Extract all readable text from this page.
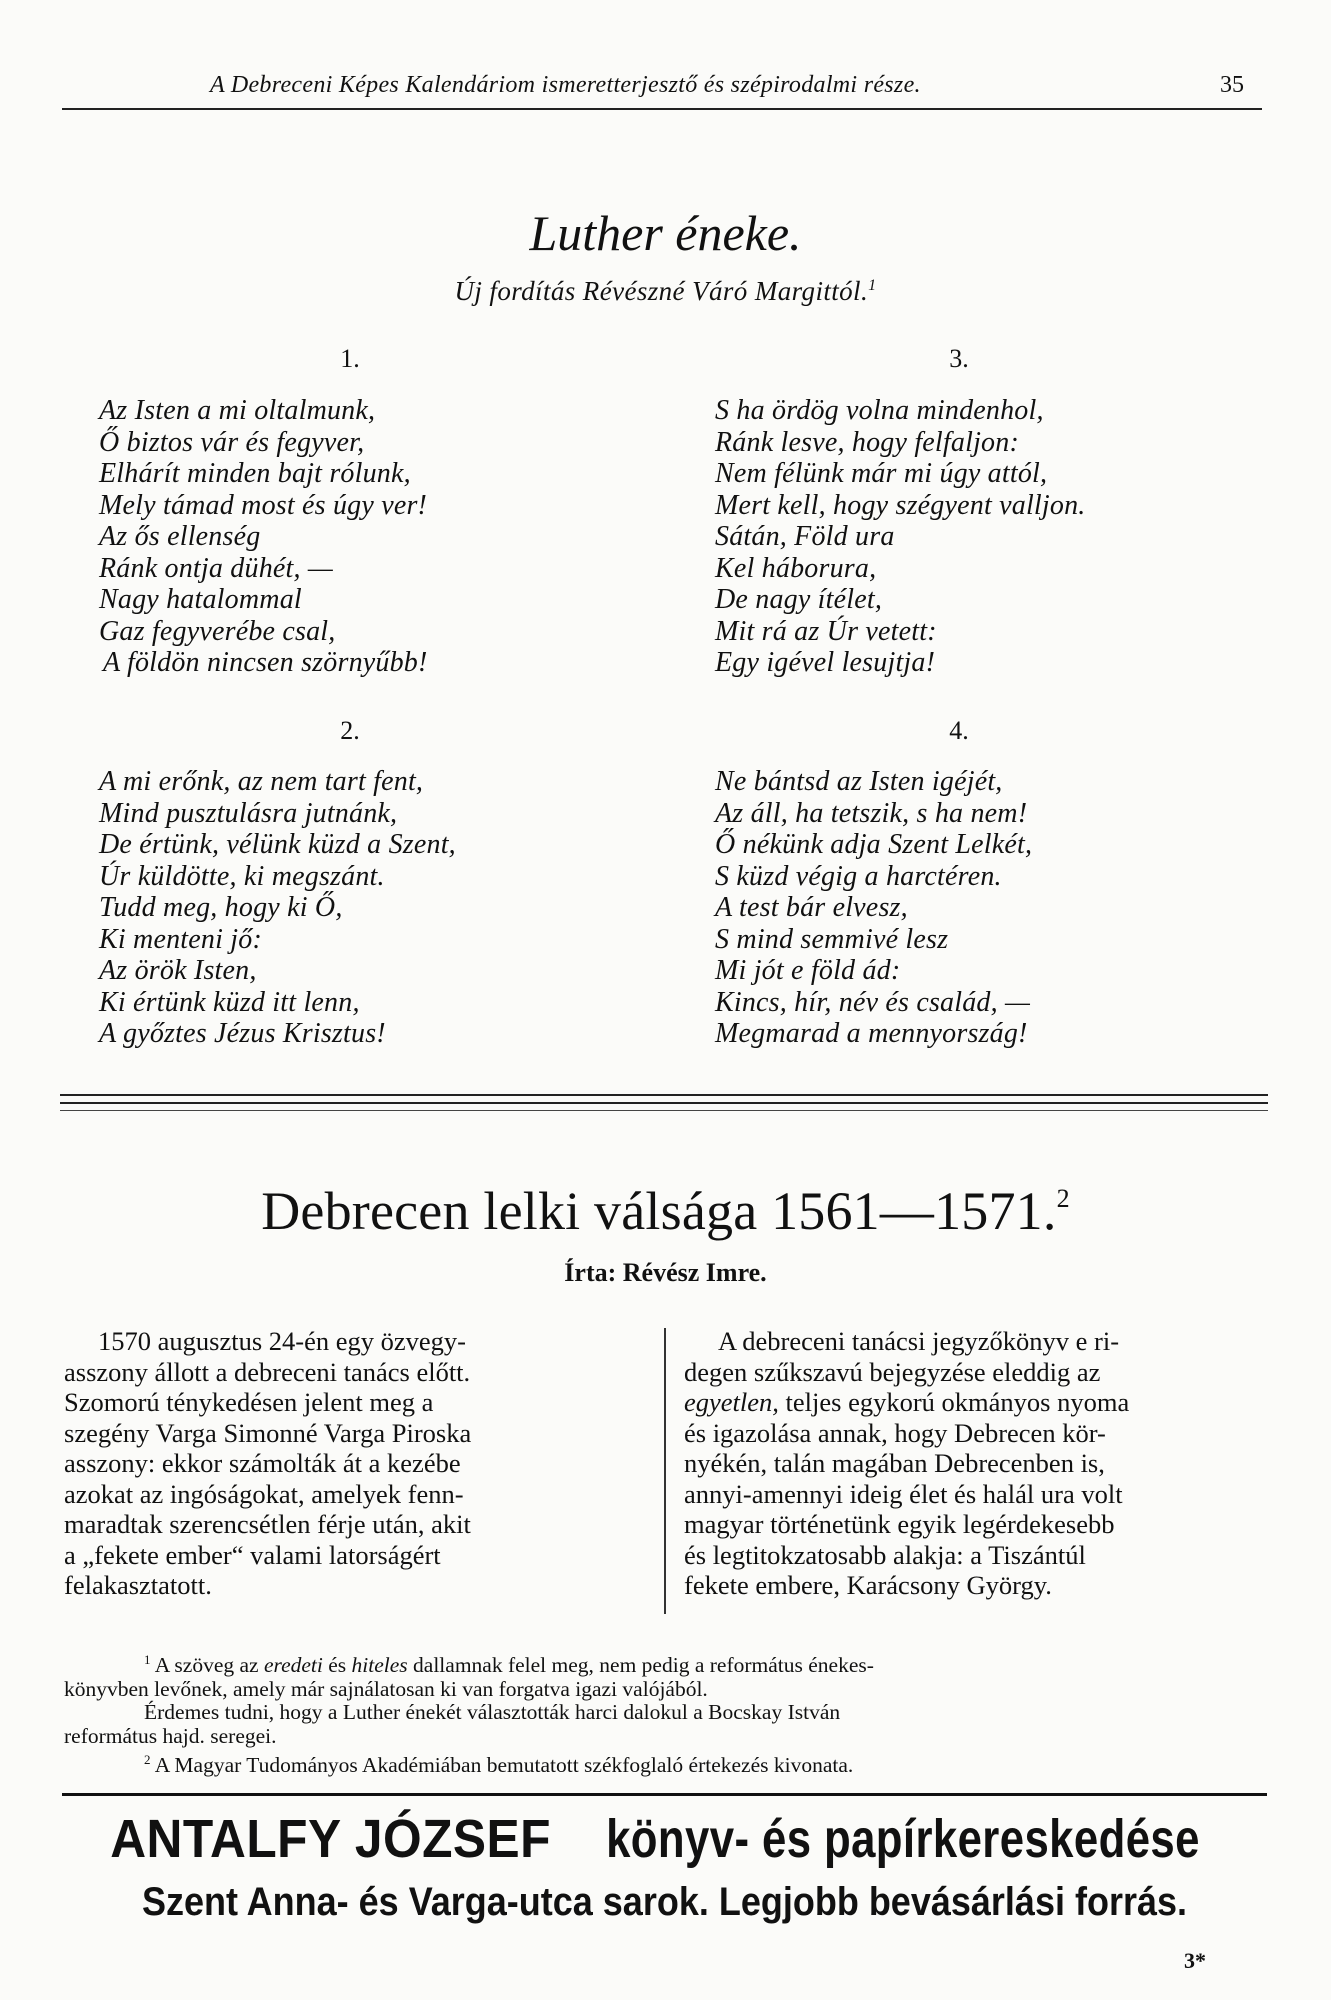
A Debreceni Képes Kalendáriom ismeretterjesztő és szépirodalmi része.	35
Luther éneke.
Új fordítás Révészné Váró Margittól.$^1$
1.	3.
2.	4.
Az Isten a mi oltalmunk,
Ő biztos vár és fegyver,
Elhárít minden bajt rólunk,
Mely támad most és úgy ver!
Az ős ellenség
Ránk ontja dühét, —
Nagy hatalommal
Gaz fegyverébe csal,
A földön nincsen szörnyűbb!
S ha ördög volna mindenhol,
Ránk lesve, hogy felfaljon:
Nem félünk már mi úgy attól,
Mert kell, hogy szégyent valljon.
Sátán, Föld ura
Kel háborura,
De nagy ítélet,
Mit rá az Úr vetett:
Egy igével lesujtja!
A mi erőnk, az nem tart fent,
Mind pusztulásra jutnánk,
De értünk, vélünk küzd a Szent,
Úr küldötte, ki megszánt.
Tudd meg, hogy ki Ő,
Ki menteni jő:
Az örök Isten,
Ki értünk küzd itt lenn,
A győztes Jézus Krisztus!
Ne bántsd az Isten igéjét,
Az áll, ha tetszik, s ha nem!
Ő nékünk adja Szent Lelkét,
S küzd végig a harctéren.
A test bár elvesz,
S mind semmivé lesz
Mi jót e föld ád:
Kincs, hír, név és család, —
Megmarad a mennyország!
Debrecen lelki válsága 1561—1571.$^2$
Írta: Révész Imre.
1570 augusztus 24-én egy özvegy-
asszony állott a debreceni tanács előtt.
Szomorú ténykedésen jelent meg a
szegény Varga Simonné Varga Piroska
asszony: ekkor számolták át a kezébe
azokat az ingóságokat, amelyek fenn-
maradtak szerencsétlen férje után, akit
a „fekete ember“ valami latorságért
felakasztatott.
A debreceni tanácsi jegyzőkönyv e ri-
degen szűkszavú bejegyzése eleddig az
egyetlen, teljes egykorú okmányos nyoma
és igazolása annak, hogy Debrecen kör-
nyékén, talán magában Debrecenben is,
annyi-amennyi ideig élet és halál ura volt
magyar történetünk egyik legérdekesebb
és legtitokzatosabb alakja: a Tiszántúl
fekete embere, Karácsony György.
$^1$ A szöveg az eredeti és hiteles dallamnak felel meg, nem pedig a református énekes-
könyvben levőnek, amely már sajnálatosan ki van forgatva igazi valójából.
Érdemes tudni, hogy a Luther énekét választották harci dalokul a Bocskay István
református hajd. seregei.
$^2$ A Magyar Tudományos Akadémiában bemutatott székfoglaló értekezés kivonata.
ANTALFY JÓZSEF könyv- és papírkereskedése
Szent Anna- és Varga-utca sarok. Legjobb bevásárlási forrás.
3*
